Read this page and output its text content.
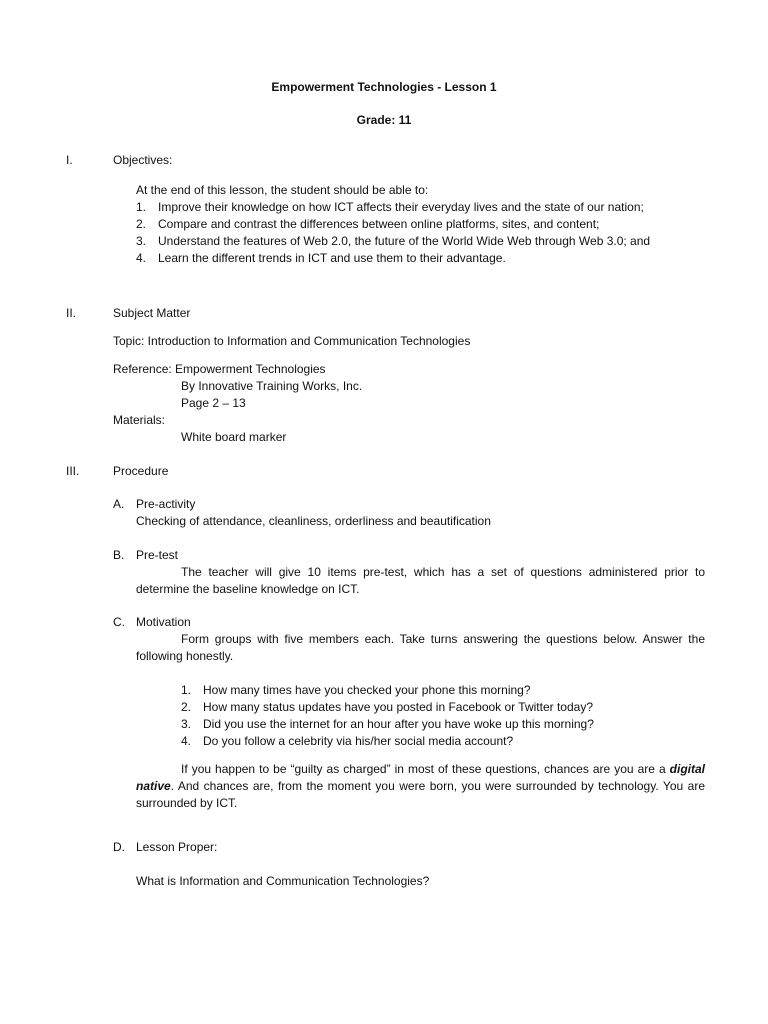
Empowerment Technologies - Lesson 1
Grade: 11
I.	Objectives:
At the end of this lesson, the student should be able to:
1. Improve their knowledge on how ICT affects their everyday lives and the state of our nation;
2. Compare and contrast the differences between online platforms, sites, and content;
3. Understand the features of Web 2.0, the future of the World Wide Web through Web 3.0; and
4. Learn the different trends in ICT and use them to their advantage.
II.	Subject Matter
Topic: Introduction to Information and Communication Technologies
Reference: Empowerment Technologies
By Innovative Training Works, Inc.
Page 2 – 13
Materials:
White board marker
III.	Procedure
A. Pre-activity
Checking of attendance, cleanliness, orderliness and beautification
B. Pre-test
The teacher will give 10 items pre-test, which has a set of questions administered prior to determine the baseline knowledge on ICT.
C. Motivation
Form groups with five members each. Take turns answering the questions below. Answer the following honestly.
1. How many times have you checked your phone this morning?
2. How many status updates have you posted in Facebook or Twitter today?
3. Did you use the internet for an hour after you have woke up this morning?
4. Do you follow a celebrity via his/her social media account?
If you happen to be “guilty as charged” in most of these questions, chances are you are a digital native. And chances are, from the moment you were born, you were surrounded by technology. You are surrounded by ICT.
D. Lesson Proper:
What is Information and Communication Technologies?
